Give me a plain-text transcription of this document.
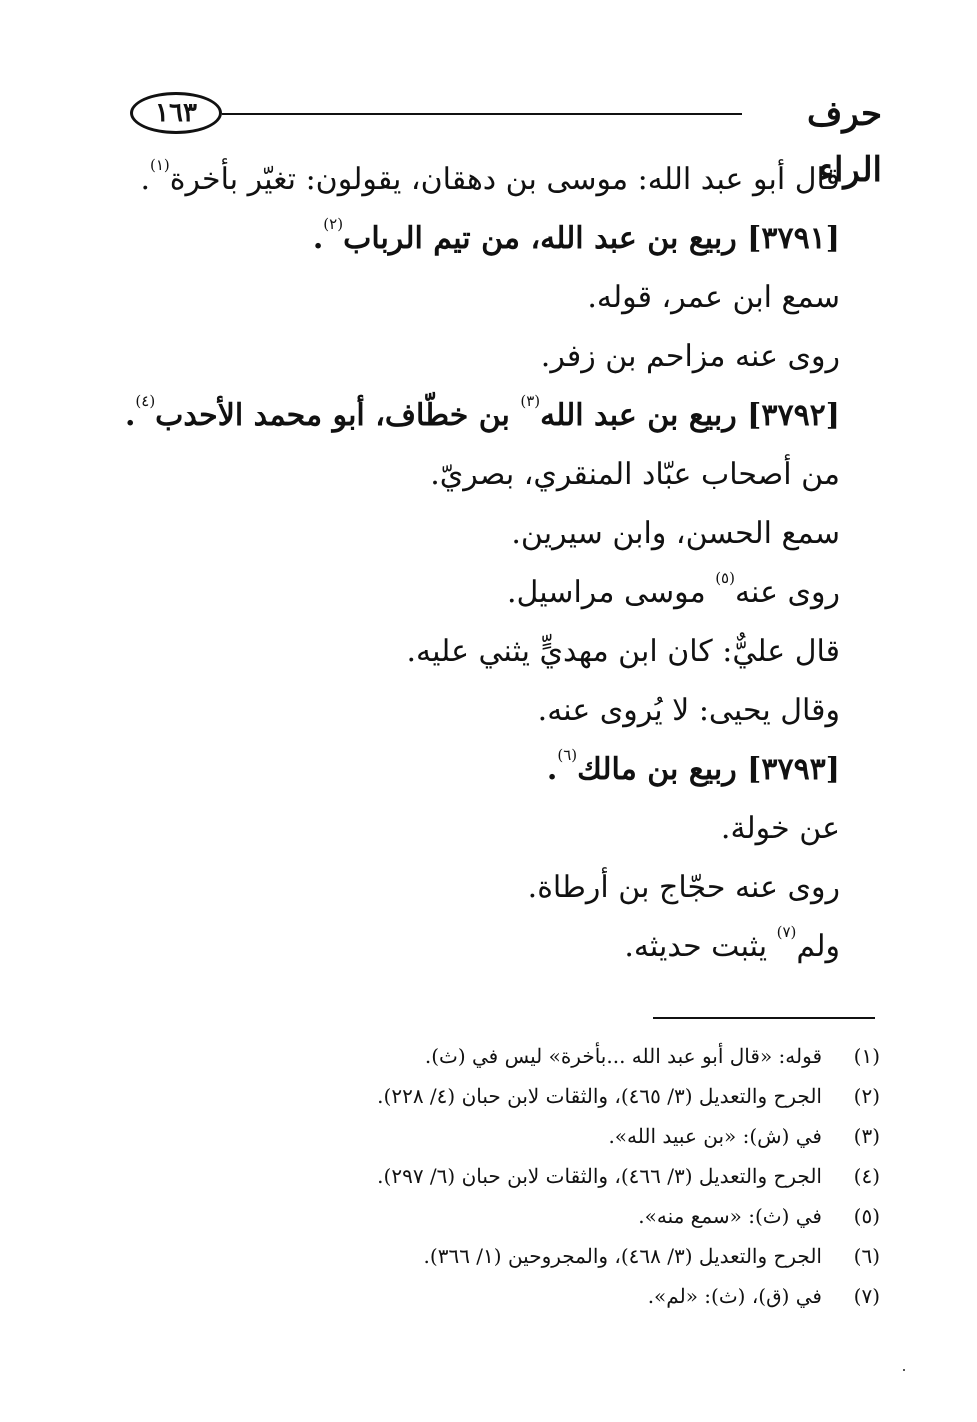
١٦٣	حرف الراء
قال أبو عبد الله: موسى بن دهقان، يقولون: تغيّر بأخرة$^{(١)}$.
[٣٧٩١] ربيع بن عبد الله، من تيم الرباب$^{(٢)}$.
سمع ابن عمر، قوله.
روى عنه مزاحم بن زفر.
[٣٧٩٢] ربيع بن عبد الله$^{(٣)}$ بن خطّاف، أبو محمد الأحدب$^{(٤)}$.
من أصحاب عبّاد المنقري، بصريّ.
سمع الحسن، وابن سيرين.
روى عنه$^{(٥)}$ موسى مراسيل.
قال عليٌّ: كان ابن مهديٍّ يثني عليه.
وقال يحيى: لا يُروى عنه.
[٣٧٩٣] ربيع بن مالك$^{(٦)}$.
عن خولة.
روى عنه حجّاج بن أرطاة.
ولم$^{(٧)}$ يثبت حديثه.
(١)قوله: «قال أبو عبد الله ...بأخرة» ليس في (ث).
(٢)الجرح والتعديل (٣/ ٤٦٥)، والثقات لابن حبان (٤/ ٢٢٨).
(٣)في (ش): «بن عبيد الله».
(٤)الجرح والتعديل (٣/ ٤٦٦)، والثقات لابن حبان (٦/ ٢٩٧).
(٥)في (ث): «سمع منه».
(٦)الجرح والتعديل (٣/ ٤٦٨)، والمجروحين (١/ ٣٦٦).
(٧)في (ق)، (ث): «لم».
